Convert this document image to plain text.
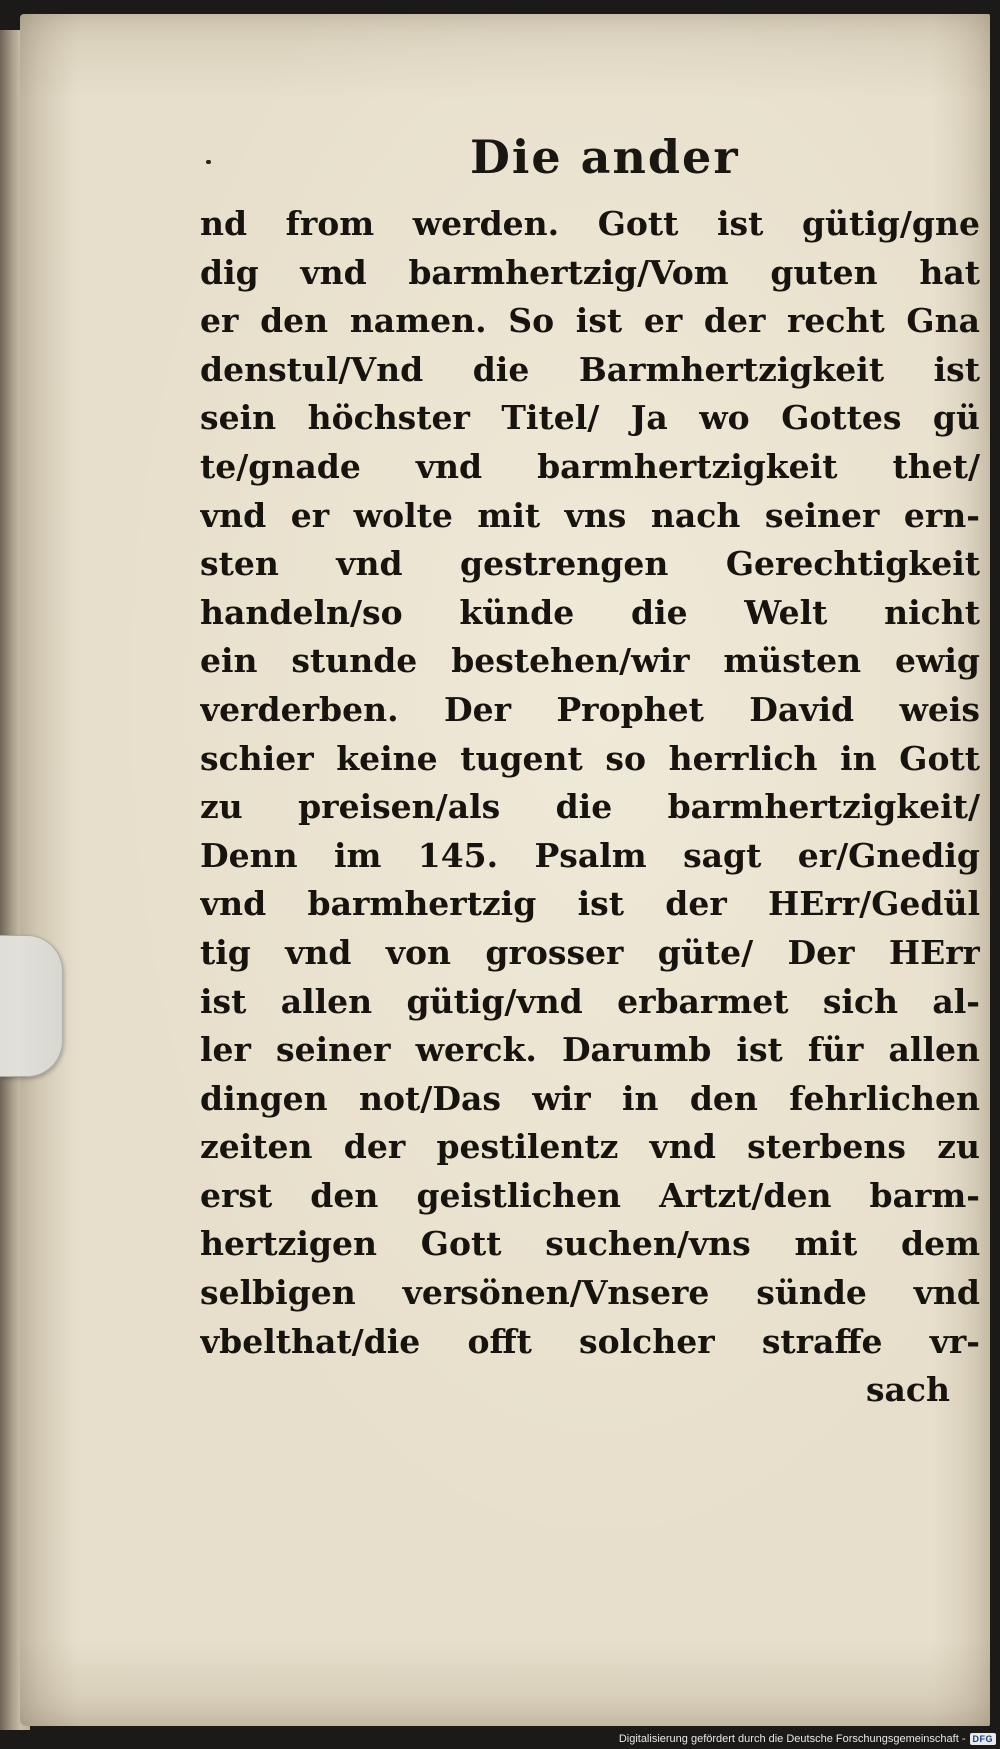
Die ander
nd from werden. Gott ist gütig/gne
dig vnd barmhertzig/Vom guten hat
er den namen. So ist er der recht Gna
denstul/Vnd die Barmhertzigkeit ist
sein höchster Titel/ Ja wo Gottes gü
te/gnade vnd barmhertzigkeit thet/
vnd er wolte mit vns nach seiner ern-
sten vnd gestrengen Gerechtigkeit
handeln/so künde die Welt nicht
ein stunde bestehen/wir müsten ewig
verderben. Der Prophet David weis
schier keine tugent so herrlich in Gott
zu preisen/als die barmhertzigkeit/
Denn im 145. Psalm sagt er/Gnedig
vnd barmhertzig ist der HErr/Gedül
tig vnd von grosser güte/ Der HErr
ist allen gütig/vnd erbarmet sich al-
ler seiner werck. Darumb ist für allen
dingen not/Das wir in den fehrlichen
zeiten der pestilentz vnd sterbens zu
erst den geistlichen Artzt/den barm-
hertzigen Gott suchen/vns mit dem
selbigen versönen/Vnsere sünde vnd
vbelthat/die offt solcher straffe vr-
sach
Digitalisierung gefördert durch die Deutsche Forschungsgemeinschaft - DFG
